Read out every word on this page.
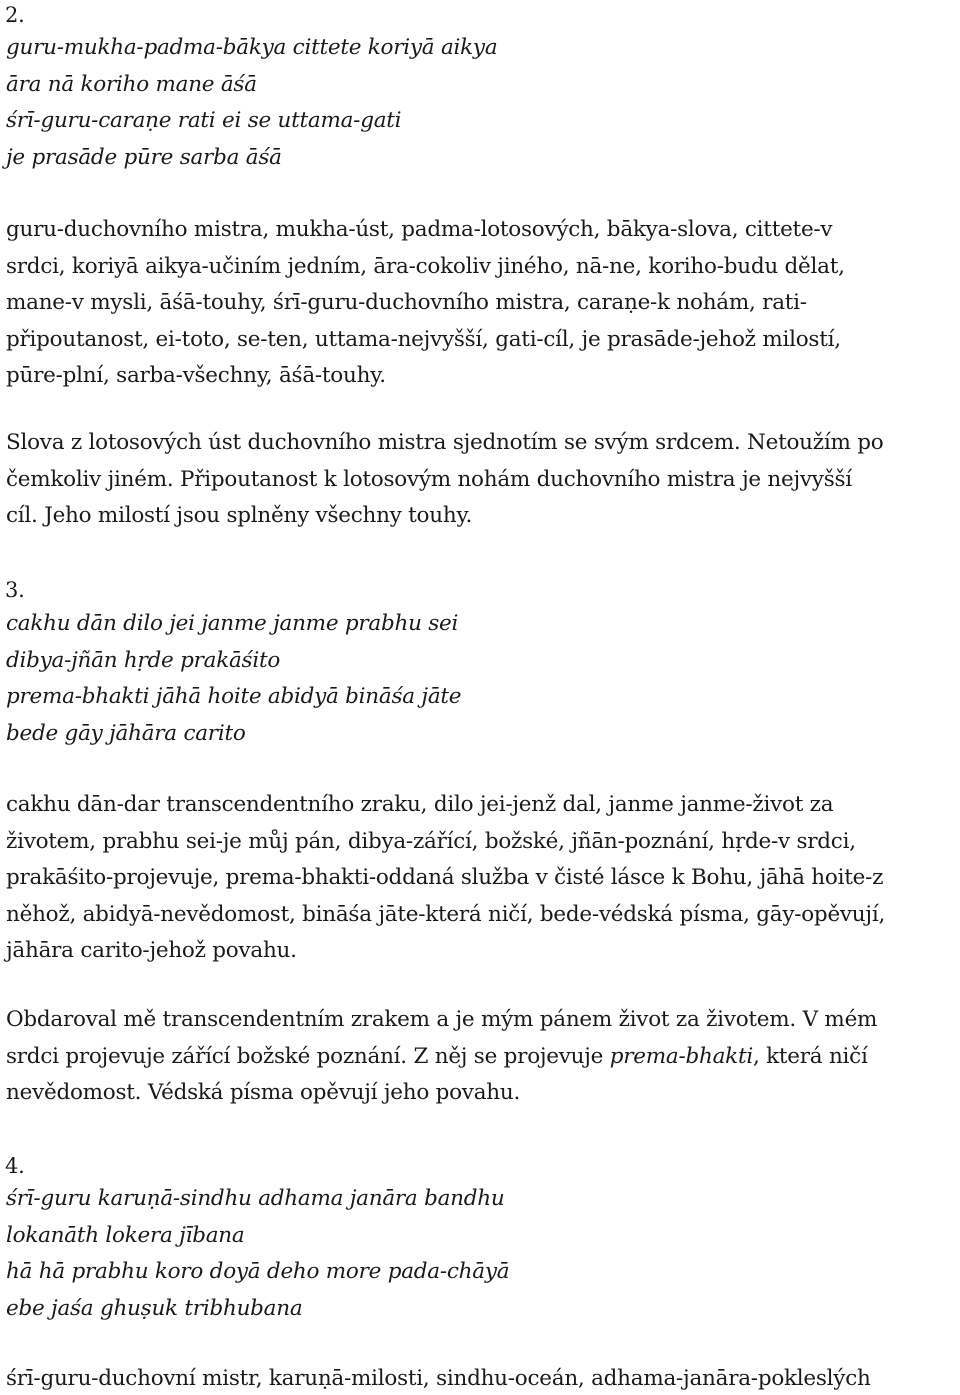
2.
guru-mukha-padma-bākya cittete koriyā aikya
āra nā koriho mane āśā
śrī-guru-caraṇe rati ei se uttama-gati
je prasāde pūre sarba āśā
guru-duchovního mistra, mukha-úst, padma-lotosových, bākya-slova, cittete-v
srdci, koriyā aikya-učiním jedním, āra-cokoliv jiného, nā-ne, koriho-budu dělat,
mane-v mysli, āśā-touhy, śrī-guru-duchovního mistra, caraṇe-k nohám, rati-
připoutanost, ei-toto, se-ten, uttama-nejvyšší, gati-cíl, je prasāde-jehož milostí,
pūre-plní, sarba-všechny, āśā-touhy.
Slova z lotosových úst duchovního mistra sjednotím se svým srdcem. Netoužím po
čemkoliv jiném. Připoutanost k lotosovým nohám duchovního mistra je nejvyšší
cíl. Jeho milostí jsou splněny všechny touhy.
3.
cakhu dān dilo jei janme janme prabhu sei
dibya-jñān hṛde prakāśito
prema-bhakti jāhā hoite abidyā bināśa jāte
bede gāy jāhāra carito
cakhu dān-dar transcendentního zraku, dilo jei-jenž dal, janme janme-život za
životem, prabhu sei-je můj pán, dibya-zářící, božské, jñān-poznání, hṛde-v srdci,
prakāśito-projevuje, prema-bhakti-oddaná služba v čisté lásce k Bohu, jāhā hoite-z
něhož, abidyā-nevědomost, bināśa jāte-která ničí, bede-védská písma, gāy-opěvují,
jāhāra carito-jehož povahu.
Obdaroval mě transcendentním zrakem a je mým pánem život za životem. V mém
srdci projevuje zářící božské poznání. Z něj se projevuje prema-bhakti, která ničí
nevědomost. Védská písma opěvují jeho povahu.
4.
śrī-guru karuṇā-sindhu adhama janāra bandhu
lokanāth lokera jībana
hā hā prabhu koro doyā deho more pada-chāyā
ebe jaśa ghuṣuk tribhubana
śrī-guru-duchovní mistr, karuṇā-milosti, sindhu-oceán, adhama-janāra-pokleslých
